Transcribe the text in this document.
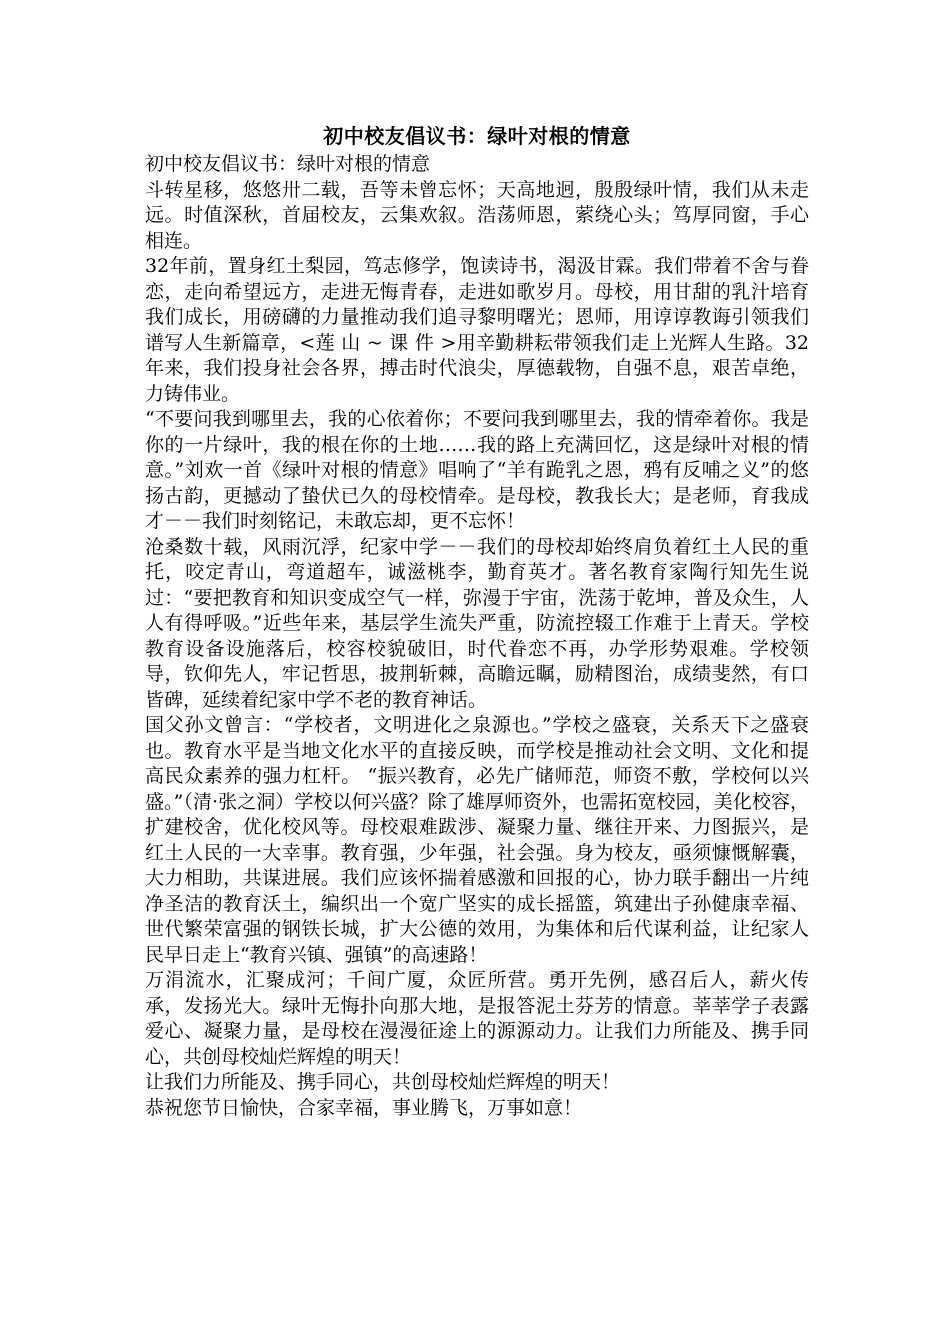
初中校友倡议书：绿叶对根的情意

初中校友倡议书：绿叶对根的情意

斗转星移，悠悠卅二载，吾等未曾忘怀；天高地迥，殷殷绿叶情，我们从未走远。时值深秋，首届校友，云集欢叙。浩荡师恩，萦绕心头；笃厚同窗，手心相连。

32年前，置身红土梨园，笃志修学，饱读诗书，渴汲甘霖。我们带着不舍与眷恋，走向希望远方，走进无悔青春，走进如歌岁月。母校，用甘甜的乳汁培育我们成长，用磅礴的力量推动我们追寻黎明曙光；恩师，用谆谆教诲引领我们谱写人生新篇章，<莲 山 ~ 课 件 >用辛勤耕耘带领我们走上光辉人生路。32年来，我们投身社会各界，搏击时代浪尖，厚德载物，自强不息，艰苦卓绝，力铸伟业。

“不要问我到哪里去，我的心依着你；不要问我到哪里去，我的情牵着你。我是你的一片绿叶，我的根在你的土地……我的路上充满回忆，这是绿叶对根的情意。”刘欢一首《绿叶对根的情意》唱响了“羊有跪乳之恩，鸦有反哺之义”的悠扬古韵，更撼动了蛰伏已久的母校情牵。是母校，教我长大；是老师，育我成才－－我们时刻铭记，未敢忘却，更不忘怀！

沧桑数十载，风雨沉浮，纪家中学－－我们的母校却始终肩负着红土人民的重托，咬定青山，弯道超车，诚滋桃李，勤育英才。著名教育家陶行知先生说过：“要把教育和知识变成空气一样，弥漫于宇宙，洗荡于乾坤，普及众生，人人有得呼吸。”近些年来，基层学生流失严重，防流控辍工作难于上青天。学校教育设备设施落后，校容校貌破旧，时代眷恋不再，办学形势艰难。学校领导，钦仰先人，牢记哲思，披荆斩棘，高瞻远瞩，励精图治，成绩斐然，有口皆碑，延续着纪家中学不老的教育神话。

国父孙文曾言：“学校者，文明进化之泉源也。”学校之盛衰，关系天下之盛衰也。教育水平是当地文化水平的直接反映，而学校是推动社会文明、文化和提高民众素养的强力杠杆。 “振兴教育，必先广储师范，师资不敷，学校何以兴盛。”（清·张之洞）学校以何兴盛？除了雄厚师资外，也需拓宽校园，美化校容，扩建校舍，优化校风等。母校艰难跋涉、凝聚力量、继往开来、力图振兴，是红土人民的一大幸事。教育强，少年强，社会强。身为校友，亟须慷慨解囊，大力相助，共谋进展。我们应该怀揣着感激和回报的心，协力联手翻出一片纯净圣洁的教育沃土，编织出一个宽广坚实的成长摇篮，筑建出子孙健康幸福、世代繁荣富强的钢铁长城，扩大公德的效用，为集体和后代谋利益，让纪家人民早日走上“教育兴镇、强镇”的高速路！

万涓流水，汇聚成河；千间广厦，众匠所营。勇开先例，感召后人，薪火传承，发扬光大。绿叶无悔扑向那大地，是报答泥土芬芳的情意。莘莘学子表露爱心、凝聚力量，是母校在漫漫征途上的源源动力。让我们力所能及、携手同心，共创母校灿烂辉煌的明天！

让我们力所能及、携手同心，共创母校灿烂辉煌的明天！

恭祝您节日愉快，合家幸福，事业腾飞，万事如意！
